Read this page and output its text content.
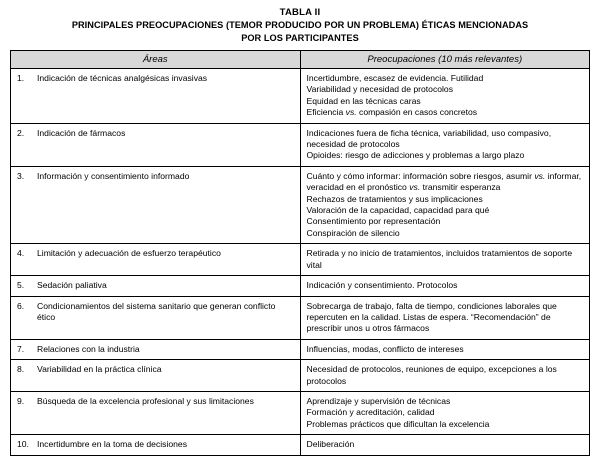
TABLA II
PRINCIPALES PREOCUPACIONES (TEMOR PRODUCIDO POR UN PROBLEMA) ÉTICAS MENCIONADAS
POR LOS PARTICIPANTES
Áreas	Preocupaciones (10 más relevantes)

1. Indicación de técnicas analgésicas invasivas	Incertidumbre, escasez de evidencia. Futilidad
Variabilidad y necesidad de protocolos
Equidad en las técnicas caras
Eficiencia vs. compasión en casos concretos

2. Indicación de fármacos	Indicaciones fuera de ficha técnica, variabilidad, uso compasivo, necesidad de protocolos
Opioides: riesgo de adicciones y problemas a largo plazo

3. Información y consentimiento informado	Cuánto y cómo informar: información sobre riesgos, asumir vs. informar, veracidad en el pronóstico vs. transmitir esperanza
Rechazos de tratamientos y sus implicaciones
Valoración de la capacidad, capacidad para qué
Consentimiento por representación
Conspiración de silencio

4. Limitación y adecuación de esfuerzo terapéutico	Retirada y no inicio de tratamientos, incluidos tratamientos de soporte vital

5. Sedación paliativa	Indicación y consentimiento. Protocolos

6. Condicionamientos del sistema sanitario que generan conflicto ético	Sobrecarga de trabajo, falta de tiempo, condiciones laborales que repercuten en la calidad. Listas de espera. “Recomendación” de prescribir unos u otros fármacos

7. Relaciones con la industria	Influencias, modas, conflicto de intereses

8. Variabilidad en la práctica clínica	Necesidad de protocolos, reuniones de equipo, excepciones a los protocolos

9. Búsqueda de la excelencia profesional y sus limitaciones	Aprendizaje y supervisión de técnicas
Formación y acreditación, calidad
Problemas prácticos que dificultan la excelencia

10. Incertidumbre en la toma de decisiones	Deliberación
